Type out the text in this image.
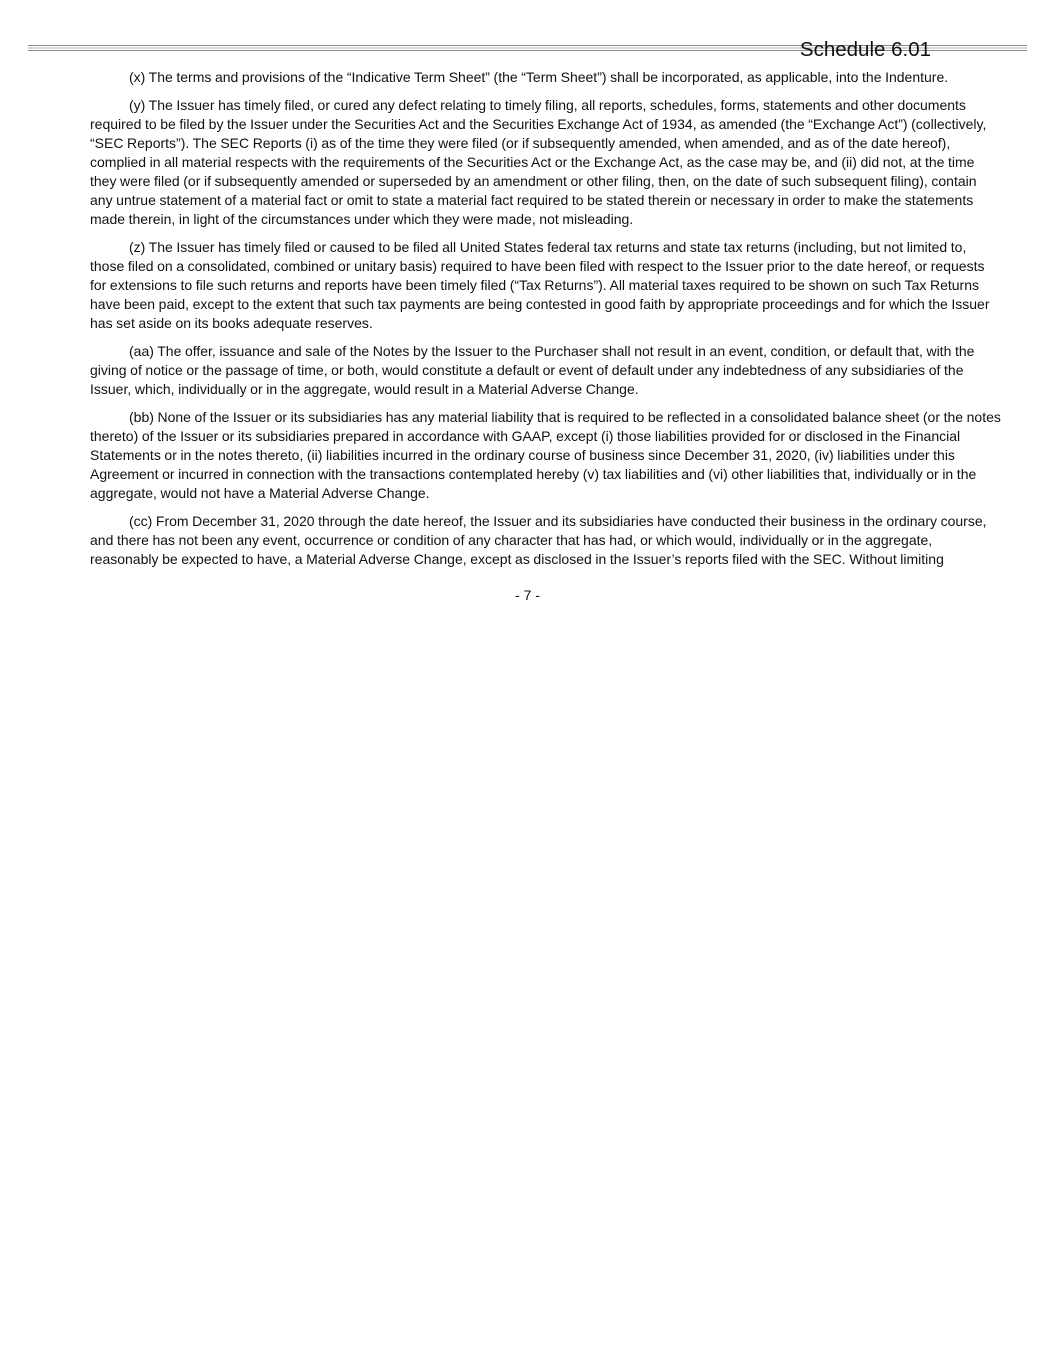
Schedule 6.01

(x) The terms and provisions of the “Indicative Term Sheet” (the “Term Sheet”) shall be incorporated, as applicable, into the Indenture.

(y) The Issuer has timely filed, or cured any defect relating to timely filing, all reports, schedules, forms, statements and other documents required to be filed by the Issuer under the Securities Act and the Securities Exchange Act of 1934, as amended (the “Exchange Act”) (collectively, “SEC Reports”). The SEC Reports (i) as of the time they were filed (or if subsequently amended, when amended, and as of the date hereof), complied in all material respects with the requirements of the Securities Act or the Exchange Act, as the case may be, and (ii) did not, at the time they were filed (or if subsequently amended or superseded by an amendment or other filing, then, on the date of such subsequent filing), contain any untrue statement of a material fact or omit to state a material fact required to be stated therein or necessary in order to make the statements made therein, in light of the circumstances under which they were made, not misleading.

(z) The Issuer has timely filed or caused to be filed all United States federal tax returns and state tax returns (including, but not limited to, those filed on a consolidated, combined or unitary basis) required to have been filed with respect to the Issuer prior to the date hereof, or requests for extensions to file such returns and reports have been timely filed (“Tax Returns”). All material taxes required to be shown on such Tax Returns have been paid, except to the extent that such tax payments are being contested in good faith by appropriate proceedings and for which the Issuer has set aside on its books adequate reserves.

(aa) The offer, issuance and sale of the Notes by the Issuer to the Purchaser shall not result in an event, condition, or default that, with the giving of notice or the passage of time, or both, would constitute a default or event of default under any indebtedness of any subsidiaries of the Issuer, which, individually or in the aggregate, would result in a Material Adverse Change.

(bb) None of the Issuer or its subsidiaries has any material liability that is required to be reflected in a consolidated balance sheet (or the notes thereto) of the Issuer or its subsidiaries prepared in accordance with GAAP, except (i) those liabilities provided for or disclosed in the Financial Statements or in the notes thereto, (ii) liabilities incurred in the ordinary course of business since December 31, 2020, (iv) liabilities under this Agreement or incurred in connection with the transactions contemplated hereby (v) tax liabilities and (vi) other liabilities that, individually or in the aggregate, would not have a Material Adverse Change.

(cc) From December 31, 2020 through the date hereof, the Issuer and its subsidiaries have conducted their business in the ordinary course, and there has not been any event, occurrence or condition of any character that has had, or which would, individually or in the aggregate, reasonably be expected to have, a Material Adverse Change, except as disclosed in the Issuer’s reports filed with the SEC. Without limiting

- 7 -
